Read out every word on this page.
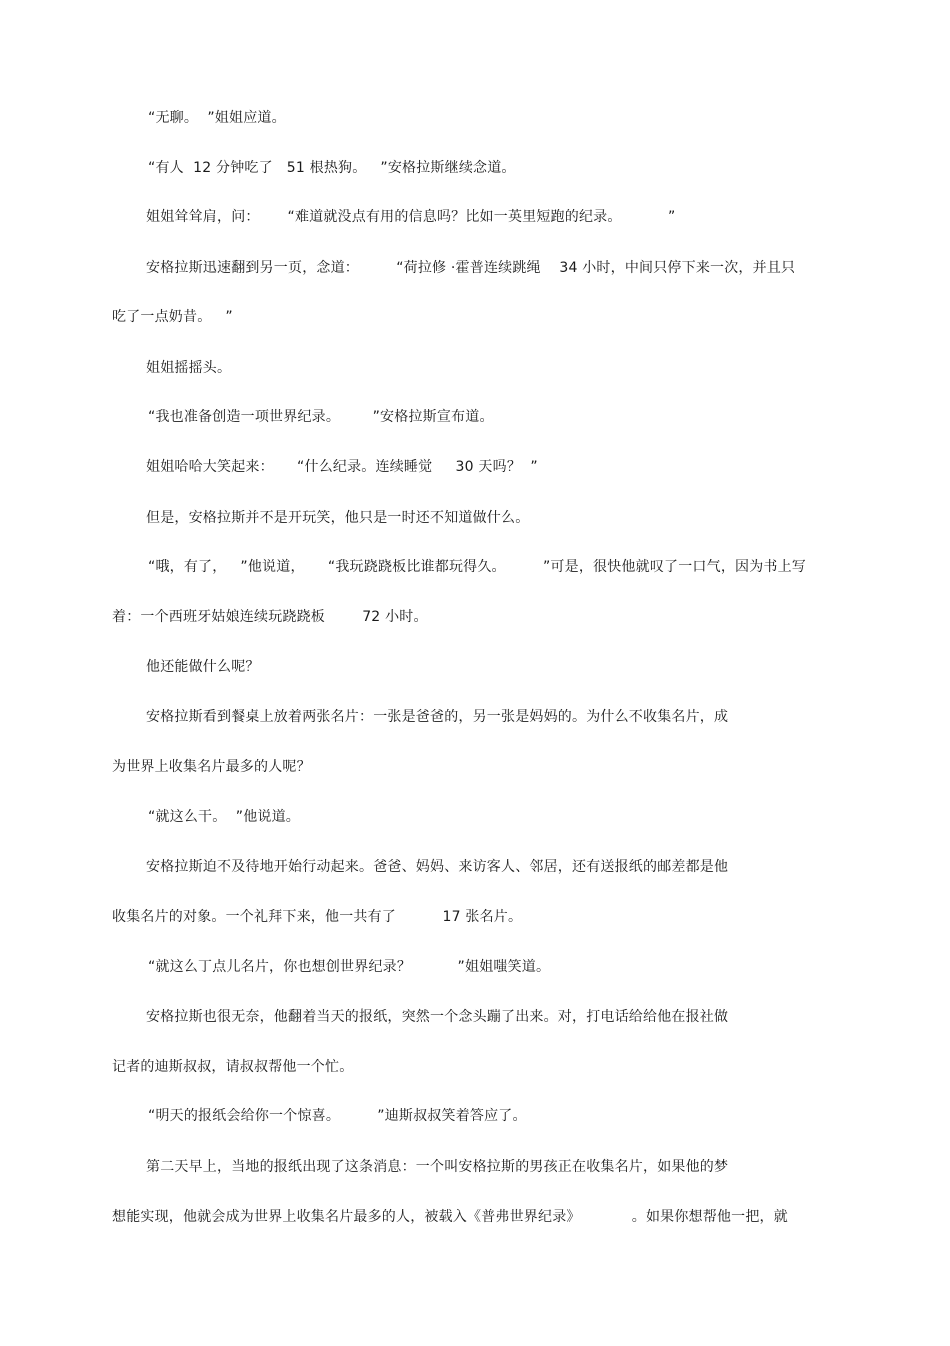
“无聊。  ”姐姐应道。
“有人  12 分钟吃了   51 根热狗。   ”安格拉斯继续念道。
姐姐耸耸肩，问：      “难道就没点有用的信息吗？比如一英里短跑的纪录。          ”
安格拉斯迅速翻到另一页，念道：        “荷拉修 ·霍普连续跳绳    34 小时，中间只停下来一次，并且只
吃了一点奶昔。   ”
姐姐摇摇头。
“我也准备创造一项世界纪录。       ”安格拉斯宣布道。
姐姐哈哈大笑起来：     “什么纪录。连续睡觉     30 天吗？  ”
但是，安格拉斯并不是开玩笑，他只是一时还不知道做什么。
“哦，有了，   ”他说道，     “我玩跷跷板比谁都玩得久。        ”可是，很快他就叹了一口气，因为书上写
着：一个西班牙姑娘连续玩跷跷板        72 小时。
他还能做什么呢？
安格拉斯看到餐桌上放着两张名片：一张是爸爸的，另一张是妈妈的。为什么不收集名片，成
为世界上收集名片最多的人呢？
“就这么干。  ”他说道。
安格拉斯迫不及待地开始行动起来。爸爸、妈妈、来访客人、邻居，还有送报纸的邮差都是他
收集名片的对象。一个礼拜下来，他一共有了          17 张名片。
“就这么丁点儿名片，你也想创世界纪录？          ”姐姐嗤笑道。
安格拉斯也很无奈，他翻着当天的报纸，突然一个念头蹦了出来。对，打电话给给他在报社做
记者的迪斯叔叔，请叔叔帮他一个忙。
“明天的报纸会给你一个惊喜。        ”迪斯叔叔笑着答应了。
第二天早上，当地的报纸出现了这条消息：一个叫安格拉斯的男孩正在收集名片，如果他的梦
想能实现，他就会成为世界上收集名片最多的人，被载入《普弗世界纪录》           。如果你想帮他一把，就
